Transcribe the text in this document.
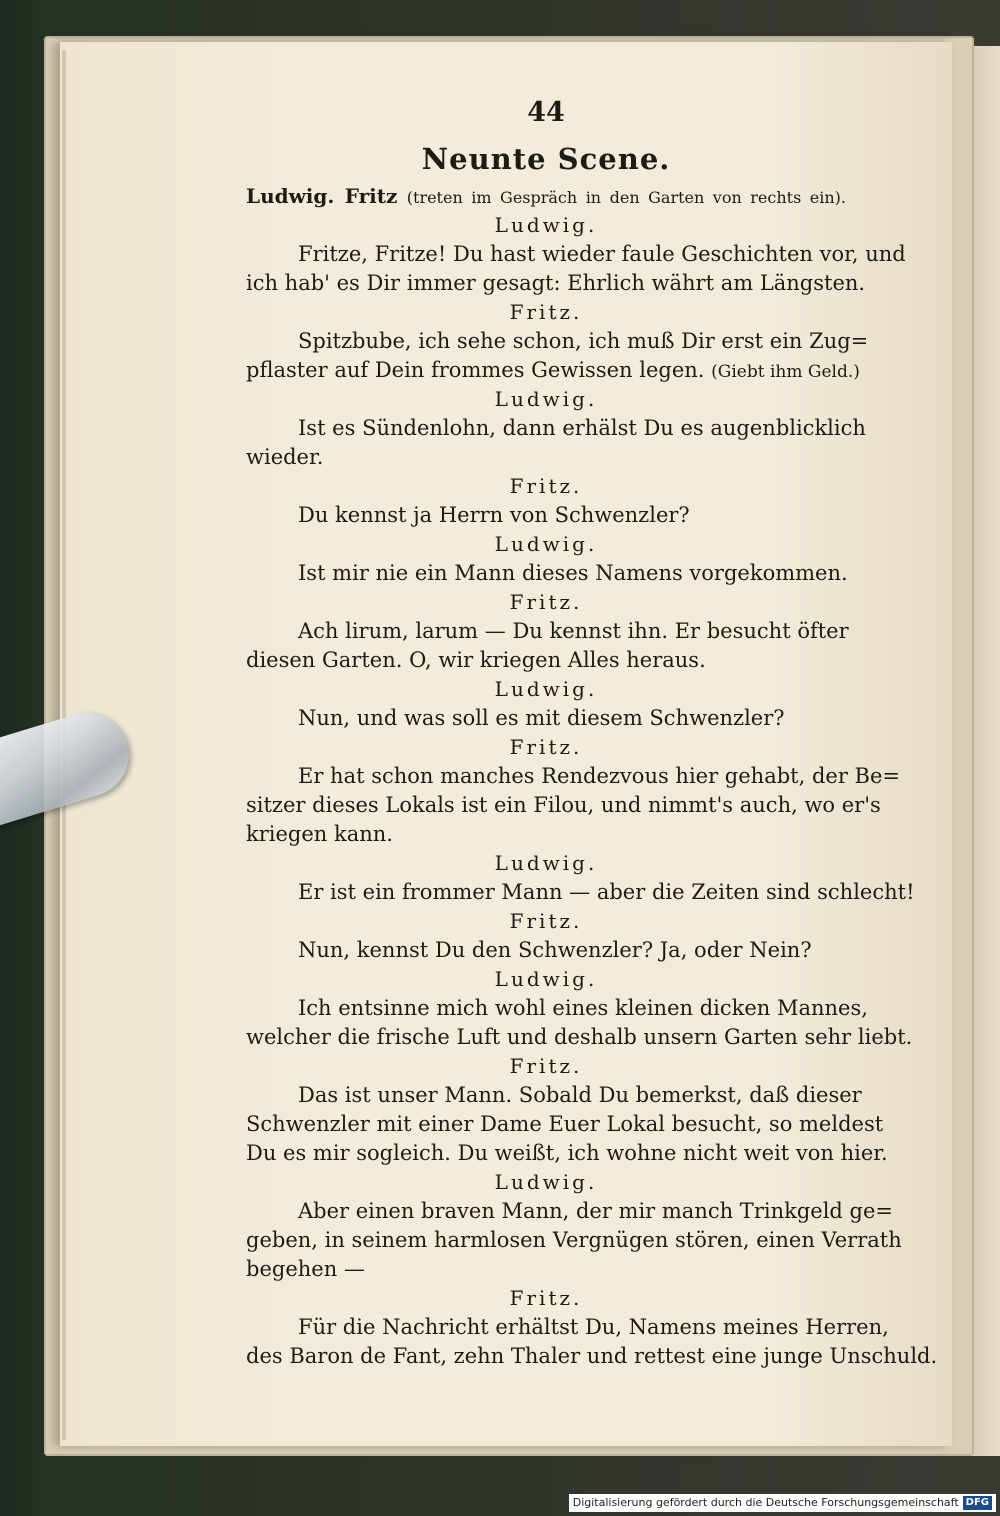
44
Neunte Scene.
Ludwig. Fritz (treten im Gespräch in den Garten von rechts ein).
Ludwig.
Fritze, Fritze! Du hast wieder faule Geschichten vor, und
ich hab' es Dir immer gesagt: Ehrlich währt am Längsten.
Fritz.
Spitzbube, ich sehe schon, ich muß Dir erst ein Zug=
pflaster auf Dein frommes Gewissen legen. (Giebt ihm Geld.)
Ludwig.
Ist es Sündenlohn, dann erhälst Du es augenblicklich
wieder.
Fritz.
Du kennst ja Herrn von Schwenzler?
Ludwig.
Ist mir nie ein Mann dieses Namens vorgekommen.
Fritz.
Ach lirum, larum — Du kennst ihn. Er besucht öfter
diesen Garten. O, wir kriegen Alles heraus.
Ludwig.
Nun, und was soll es mit diesem Schwenzler?
Fritz.
Er hat schon manches Rendezvous hier gehabt, der Be=
sitzer dieses Lokals ist ein Filou, und nimmt's auch, wo er's
kriegen kann.
Ludwig.
Er ist ein frommer Mann — aber die Zeiten sind schlecht!
Fritz.
Nun, kennst Du den Schwenzler? Ja, oder Nein?
Ludwig.
Ich entsinne mich wohl eines kleinen dicken Mannes,
welcher die frische Luft und deshalb unsern Garten sehr liebt.
Fritz.
Das ist unser Mann. Sobald Du bemerkst, daß dieser
Schwenzler mit einer Dame Euer Lokal besucht, so meldest
Du es mir sogleich. Du weißt, ich wohne nicht weit von hier.
Ludwig.
Aber einen braven Mann, der mir manch Trinkgeld ge=
geben, in seinem harmlosen Vergnügen stören, einen Verrath
begehen —
Fritz.
Für die Nachricht erhältst Du, Namens meines Herren,
des Baron de Fant, zehn Thaler und rettest eine junge Unschuld.
Digitalisierung gefördert durch die Deutsche Forschungsgemeinschaft DFG
